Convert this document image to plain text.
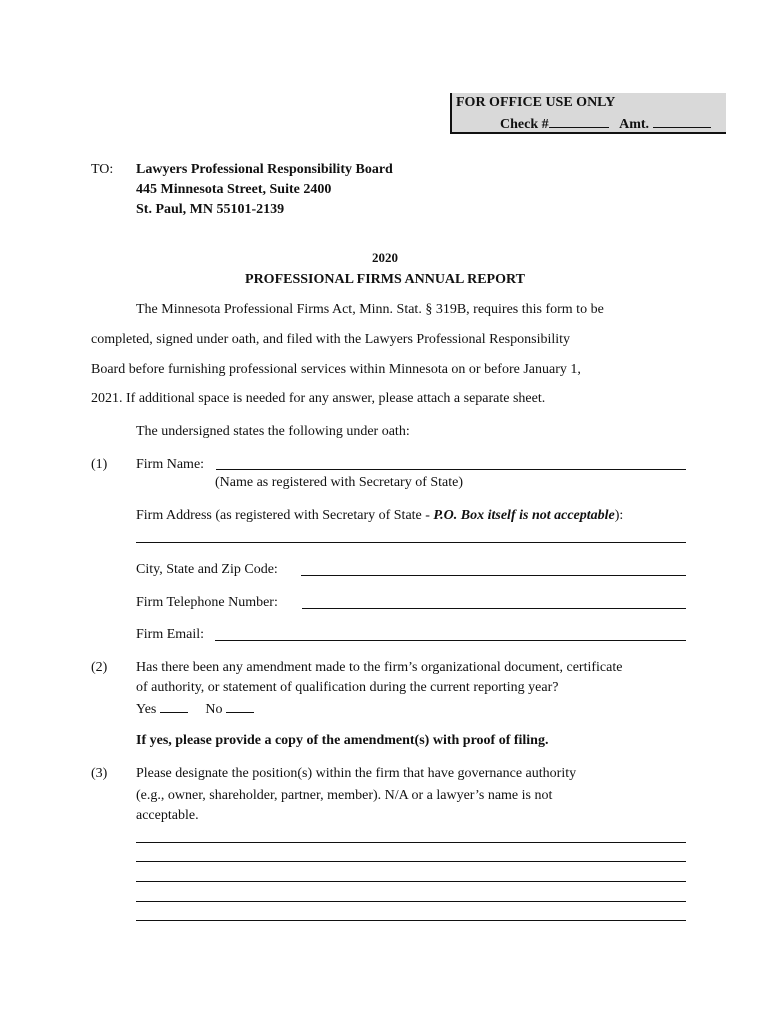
FOR OFFICE USE ONLY
Check #	Amt.
TO: Lawyers Professional Responsibility Board
445 Minnesota Street, Suite 2400
St. Paul, MN 55101-2139
2020
PROFESSIONAL FIRMS ANNUAL REPORT
The Minnesota Professional Firms Act, Minn. Stat. § 319B, requires this form to be
completed, signed under oath, and filed with the Lawyers Professional Responsibility
Board before furnishing professional services within Minnesota on or before January 1,
2021. If additional space is needed for any answer, please attach a separate sheet.
The undersigned states the following under oath:
(1) Firm Name:
(Name as registered with Secretary of State)
Firm Address (as registered with Secretary of State - P.O. Box itself is not acceptable):
City, State and Zip Code:
Firm Telephone Number:
Firm Email:
(2) Has there been any amendment made to the firm’s organizational document, certificate
of authority, or statement of qualification during the current reporting year?
Yes	No
If yes, please provide a copy of the amendment(s) with proof of filing.
(3) Please designate the position(s) within the firm that have governance authority
(e.g., owner, shareholder, partner, member). N/A or a lawyer’s name is not
acceptable.
